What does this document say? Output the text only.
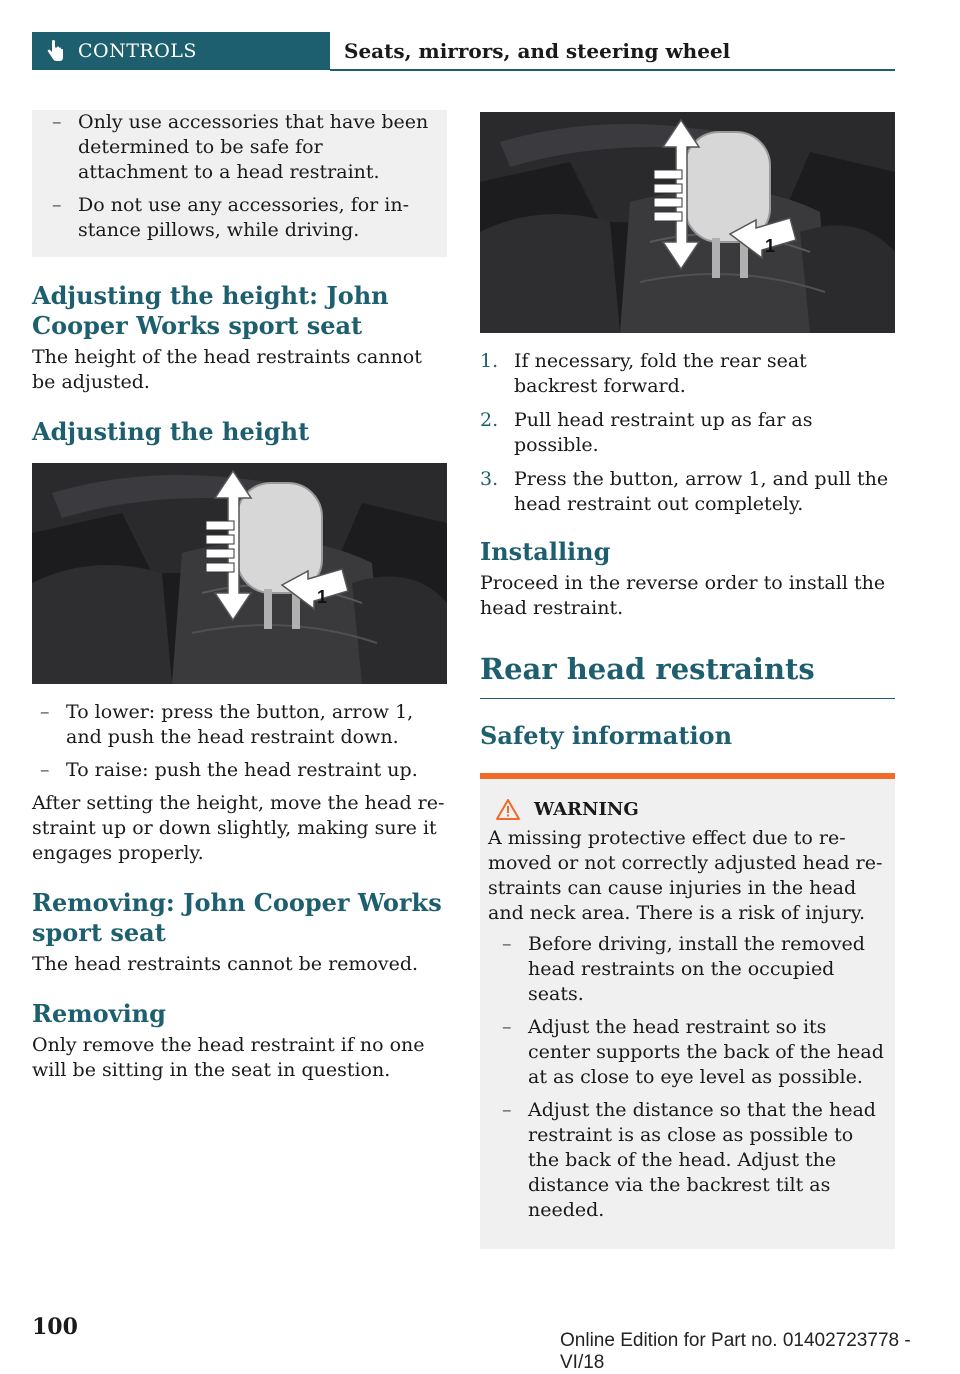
CONTROLS	Seats, mirrors, and steering wheel
– Only use accessories that have been determined to be safe for attachment to a head restraint.
– Do not use any accessories, for instance pillows, while driving.
Adjusting the height: John Cooper Works sport seat

The height of the head restraints cannot be adjusted.

Adjusting the height
1
– To lower: press the button, arrow 1, and push the head restraint down.
– To raise: push the head restraint up.

After setting the height, move the head restraint up or down slightly, making sure it engages properly.

Removing: John Cooper Works sport seat

The head restraints cannot be removed.

Removing

Only remove the head restraint if no one will be sitting in the seat in question.

1
1. If necessary, fold the rear seat backrest forward.
2. Pull head restraint up as far as possible.
3. Press the button, arrow 1, and pull the head restraint out completely.
Installing

Proceed in the reverse order to install the head restraint.

Rear head restraints
Safety information
WARNING

A missing protective effect due to removed or not correctly adjusted head restraints can cause injuries in the head and neck area. There is a risk of injury.

– Before driving, install the removed head restraints on the occupied seats.
– Adjust the head restraint so its center supports the back of the head at as close to eye level as possible.
– Adjust the distance so that the head restraint is as close as possible to the back of the head. Adjust the distance via the backrest tilt as needed.
100
Online Edition for Part no. 01402723778 - VI/18
